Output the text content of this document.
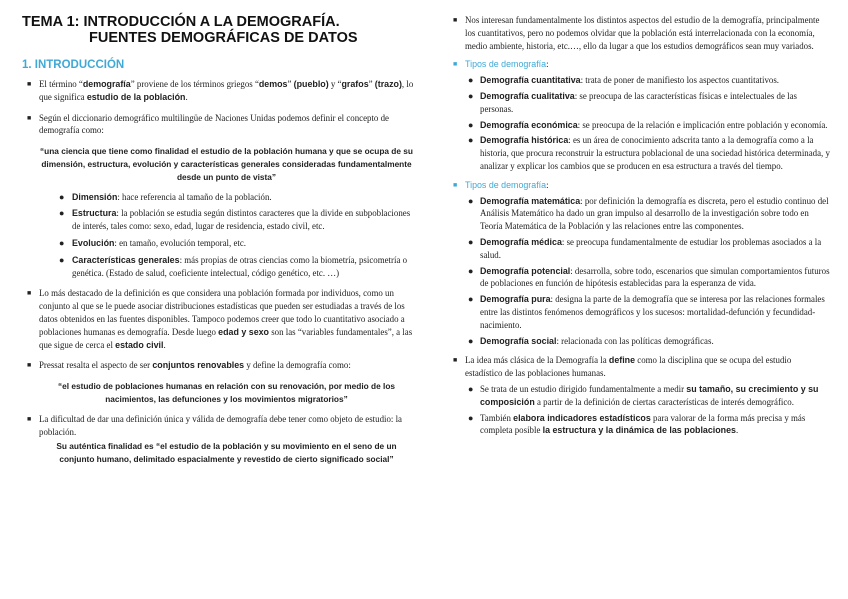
TEMA 1: INTRODUCCIÓN A LA DEMOGRAFÍA.
FUENTES DEMOGRÁFICAS DE DATOS
1. INTRODUCCIÓN
■ El término “demografía” proviene de los términos griegos “demos” (pueblo) y “grafos” (trazo), lo que significa estudio de la población.
■ Según el diccionario demográfico multilingüe de Naciones Unidas podemos definir el concepto de demografía como:
“una ciencia que tiene como finalidad el estudio de la población humana y que se ocupa de su dimensión, estructura, evolución y características generales consideradas fundamentalmente desde un punto de vista”
● Dimensión: hace referencia al tamaño de la población.
● Estructura: la población se estudia según distintos caracteres que la divide en subpoblaciones de interés, tales como: sexo, edad, lugar de residencia, estado civil, etc.
● Evolución: en tamaño, evolución temporal, etc.
● Características generales: más propias de otras ciencias como la biometría, psicometría o genética. (Estado de salud, coeficiente intelectual, código genético, etc. …)
■ Lo más destacado de la definición es que considera una población formada por individuos, como un conjunto al que se le puede asociar distribuciones estadísticas que pueden ser estudiadas a través de los datos obtenidos en las fuentes disponibles. Tampoco podemos creer que todo lo cuantitativo asociado a poblaciones humanas es demografía. Desde luego edad y sexo son las “variables fundamentales”, a las que sigue de cerca el estado civil.
■ Pressat resalta el aspecto de ser conjuntos renovables y define la demografía como:
“el estudio de poblaciones humanas en relación con su renovación, por medio de los nacimientos, las defunciones y los movimientos migratorios”
■ La dificultad de dar una definición única y válida de demografía debe tener como objeto de estudio: la población.
Su auténtica finalidad es “el estudio de la población y su movimiento en el seno de un conjunto humano, delimitado espacialmente y revestido de cierto significado social”
■ Nos interesan fundamentalmente los distintos aspectos del estudio de la demografía, principalmente los cuantitativos, pero no podemos olvidar que la población está interrelacionada con la economía, medio ambiente, historia, etc.…, ello da lugar a que los estudios demográficos sean muy variados.
■ Tipos de demografía:
● Demografía cuantitativa: trata de poner de manifiesto los aspectos cuantitativos.
● Demografía cualitativa: se preocupa de las características físicas e intelectuales de las personas.
● Demografía económica: se preocupa de la relación e implicación entre población y economía.
● Demografía histórica: es un área de conocimiento adscrita tanto a la demografía como a la historia, que procura reconstruir la estructura poblacional de una sociedad histórica determinada, y analizar y explicar los cambios que se producen en esa estructura a través del tiempo.
■ Tipos de demografía:
● Demografía matemática: por definición la demografía es discreta, pero el estudio continuo del Análisis Matemático ha dado un gran impulso al desarrollo de la investigación sobre todo en Teoría Matemática de la Población y las relaciones entre las componentes.
● Demografía médica: se preocupa fundamentalmente de estudiar los problemas asociados a la salud.
● Demografía potencial: desarrolla, sobre todo, escenarios que simulan comportamientos futuros de poblaciones en función de hipótesis establecidas para la esperanza de vida.
● Demografía pura: designa la parte de la demografía que se interesa por las relaciones formales entre las distintos fenómenos demográficos y los sucesos: mortalidad-defunción y fecundidad-nacimiento.
● Demografía social: relacionada con las políticas demográficas.
■ La idea más clásica de la Demografía la define como la disciplina que se ocupa del estudio estadístico de las poblaciones humanas.
● Se trata de un estudio dirigido fundamentalmente a medir su tamaño, su crecimiento y su composición a partir de la definición de ciertas características de interés demográfico.
● También elabora indicadores estadísticos para valorar de la forma más precisa y más completa posible la estructura y la dinámica de las poblaciones.
